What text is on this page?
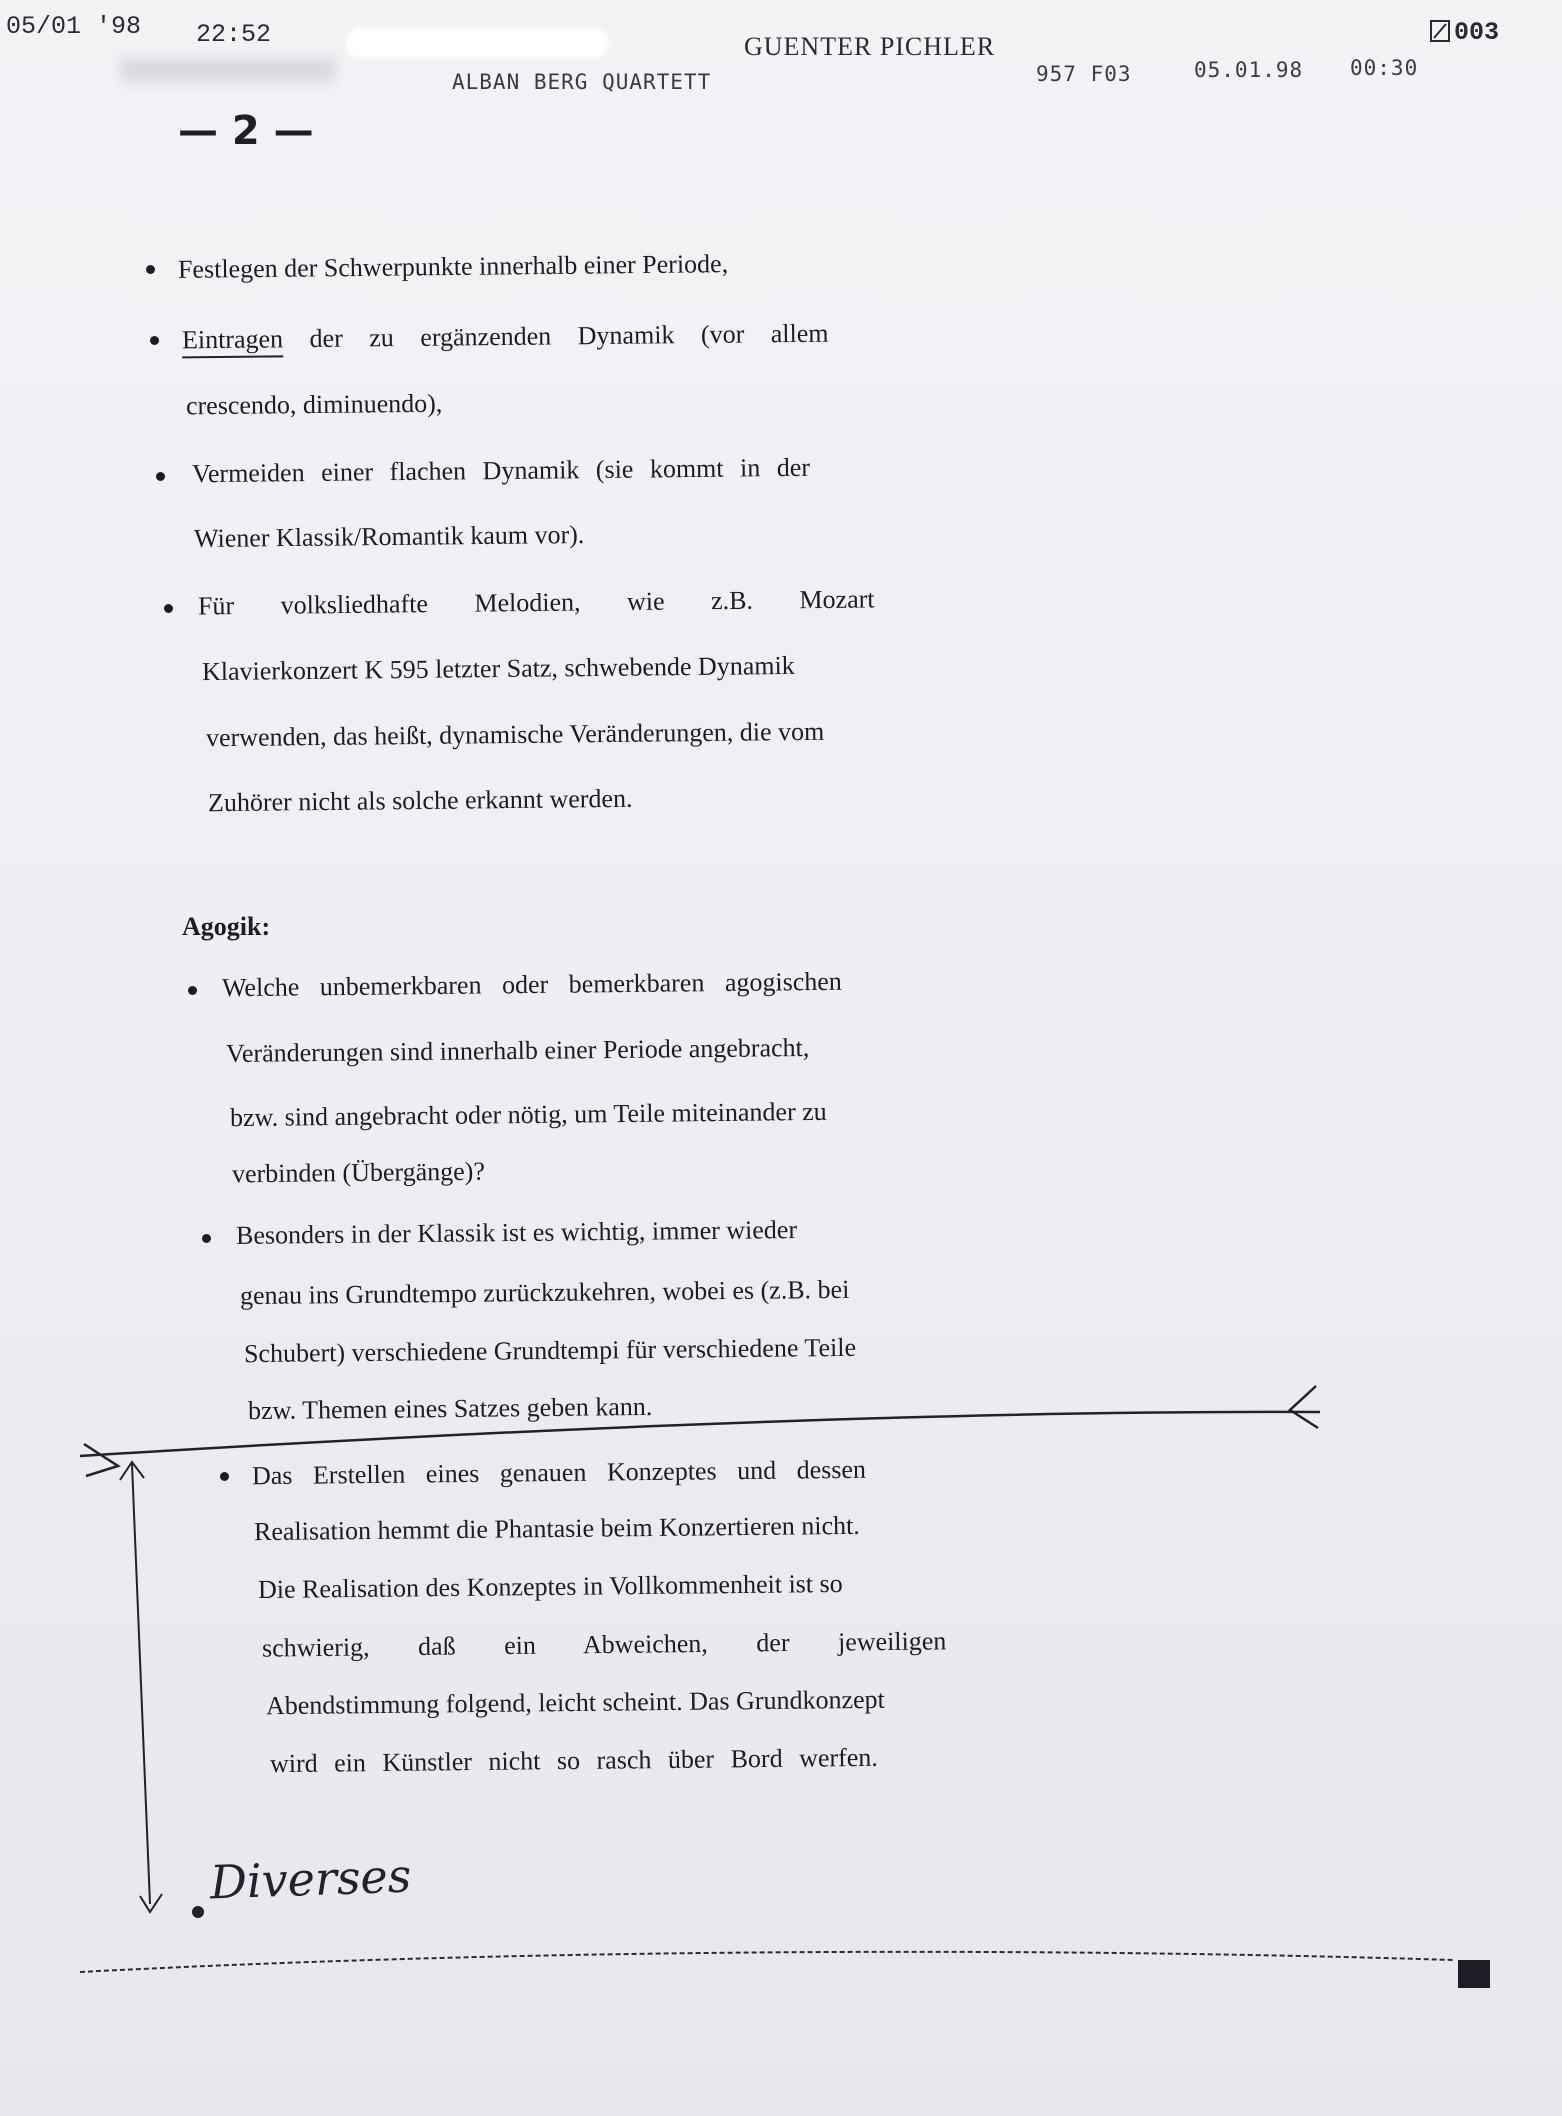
05/01 '98 22:52	GUENTER PICHLER	003
ALBAN BERG QUARTETT	957 F03	05.01.98 00:30
— 2 —
Festlegen der Schwerpunkte innerhalb einer Periode,
Eintragen der zu ergänzenden Dynamik (vor allem
crescendo, diminuendo),
Vermeiden einer flachen Dynamik (sie kommt in der
Wiener Klassik/Romantik kaum vor).
Für volksliedhafte Melodien, wie z.B. Mozart
Klavierkonzert K 595 letzter Satz, schwebende Dynamik
verwenden, das heißt, dynamische Veränderungen, die vom
Zuhörer nicht als solche erkannt werden.
Agogik:
Welche unbemerkbaren oder bemerkbaren agogischen
Veränderungen sind innerhalb einer Periode angebracht,
bzw. sind angebracht oder nötig, um Teile miteinander zu
verbinden (Übergänge)?
Besonders in der Klassik ist es wichtig, immer wieder
genau ins Grundtempo zurückzukehren, wobei es (z.B. bei
Schubert) verschiedene Grundtempi für verschiedene Teile
bzw. Themen eines Satzes geben kann.
Das Erstellen eines genauen Konzeptes und dessen
Realisation hemmt die Phantasie beim Konzertieren nicht.
Die Realisation des Konzeptes in Vollkommenheit ist so
schwierig, daß ein Abweichen, der jeweiligen
Abendstimmung folgend, leicht scheint. Das Grundkonzept
wird ein Künstler nicht so rasch über Bord werfen.
Diverses
